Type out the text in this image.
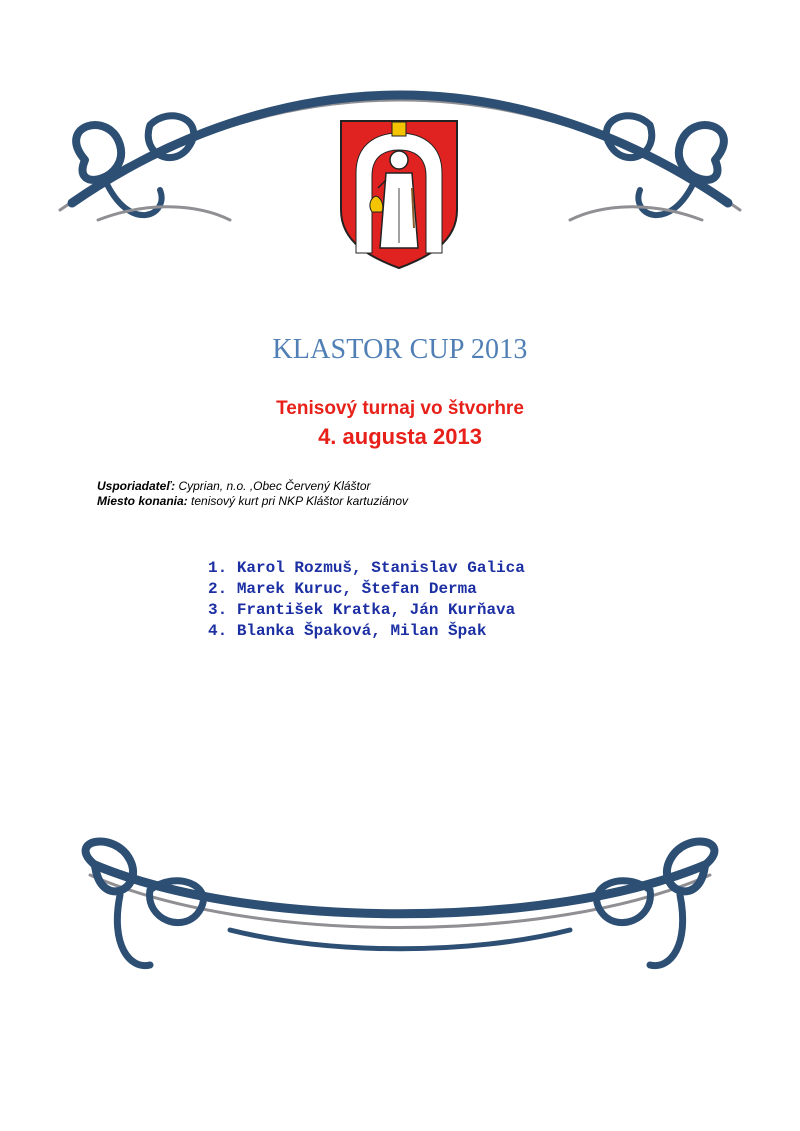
KLASTOR CUP 2013
Tenisový turnaj vo štvorhre
4. augusta 2013
Usporiadateľ: Cyprian, n.o. ,Obec Červený Kláštor
Miesto konania: tenisový kurt pri NKP Kláštor kartuziánov
1. Karol Rozmuš, Stanislav Galica
2. Marek Kuruc, Štefan Derma
3. František Kratka, Ján Kurňava
4. Blanka Špaková, Milan Špak
